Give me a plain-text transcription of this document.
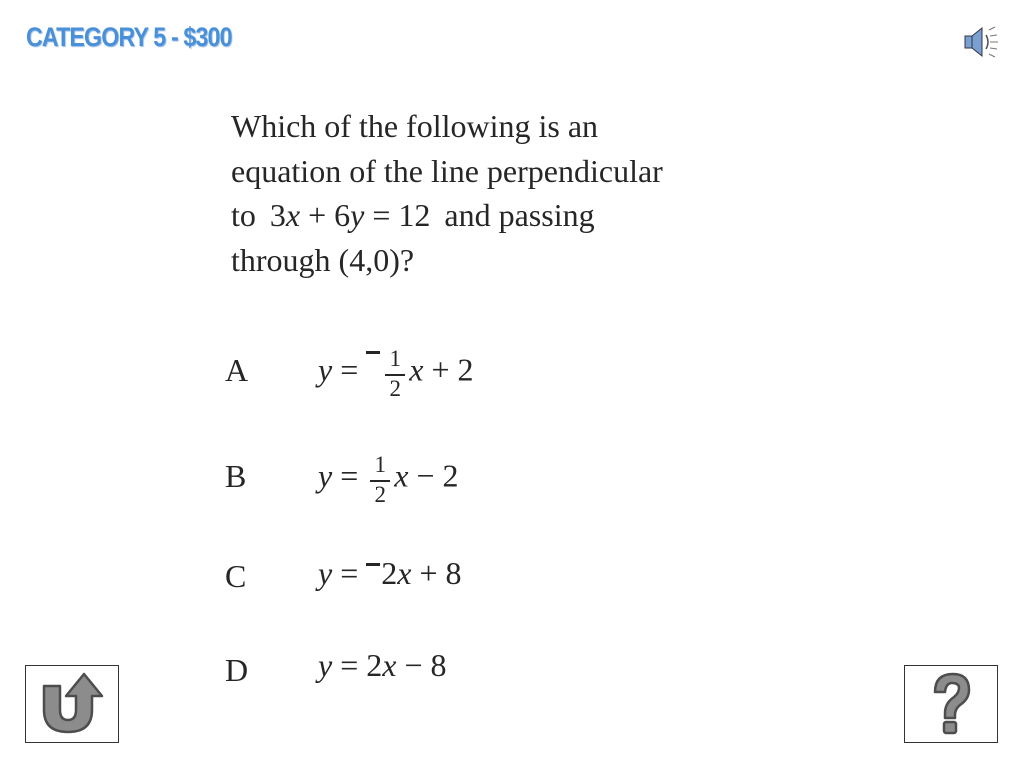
CATEGORY 5 - $300
Which of the following is an
equation of the line perpendicular
to 3x + 6y = 12 and passing
through (4,0)?
A $y = \frac{1}{2}$ x + 2
B $y = \frac{1}{2}$ x − 2
C y = 2x + 8
D y = 2x − 8
